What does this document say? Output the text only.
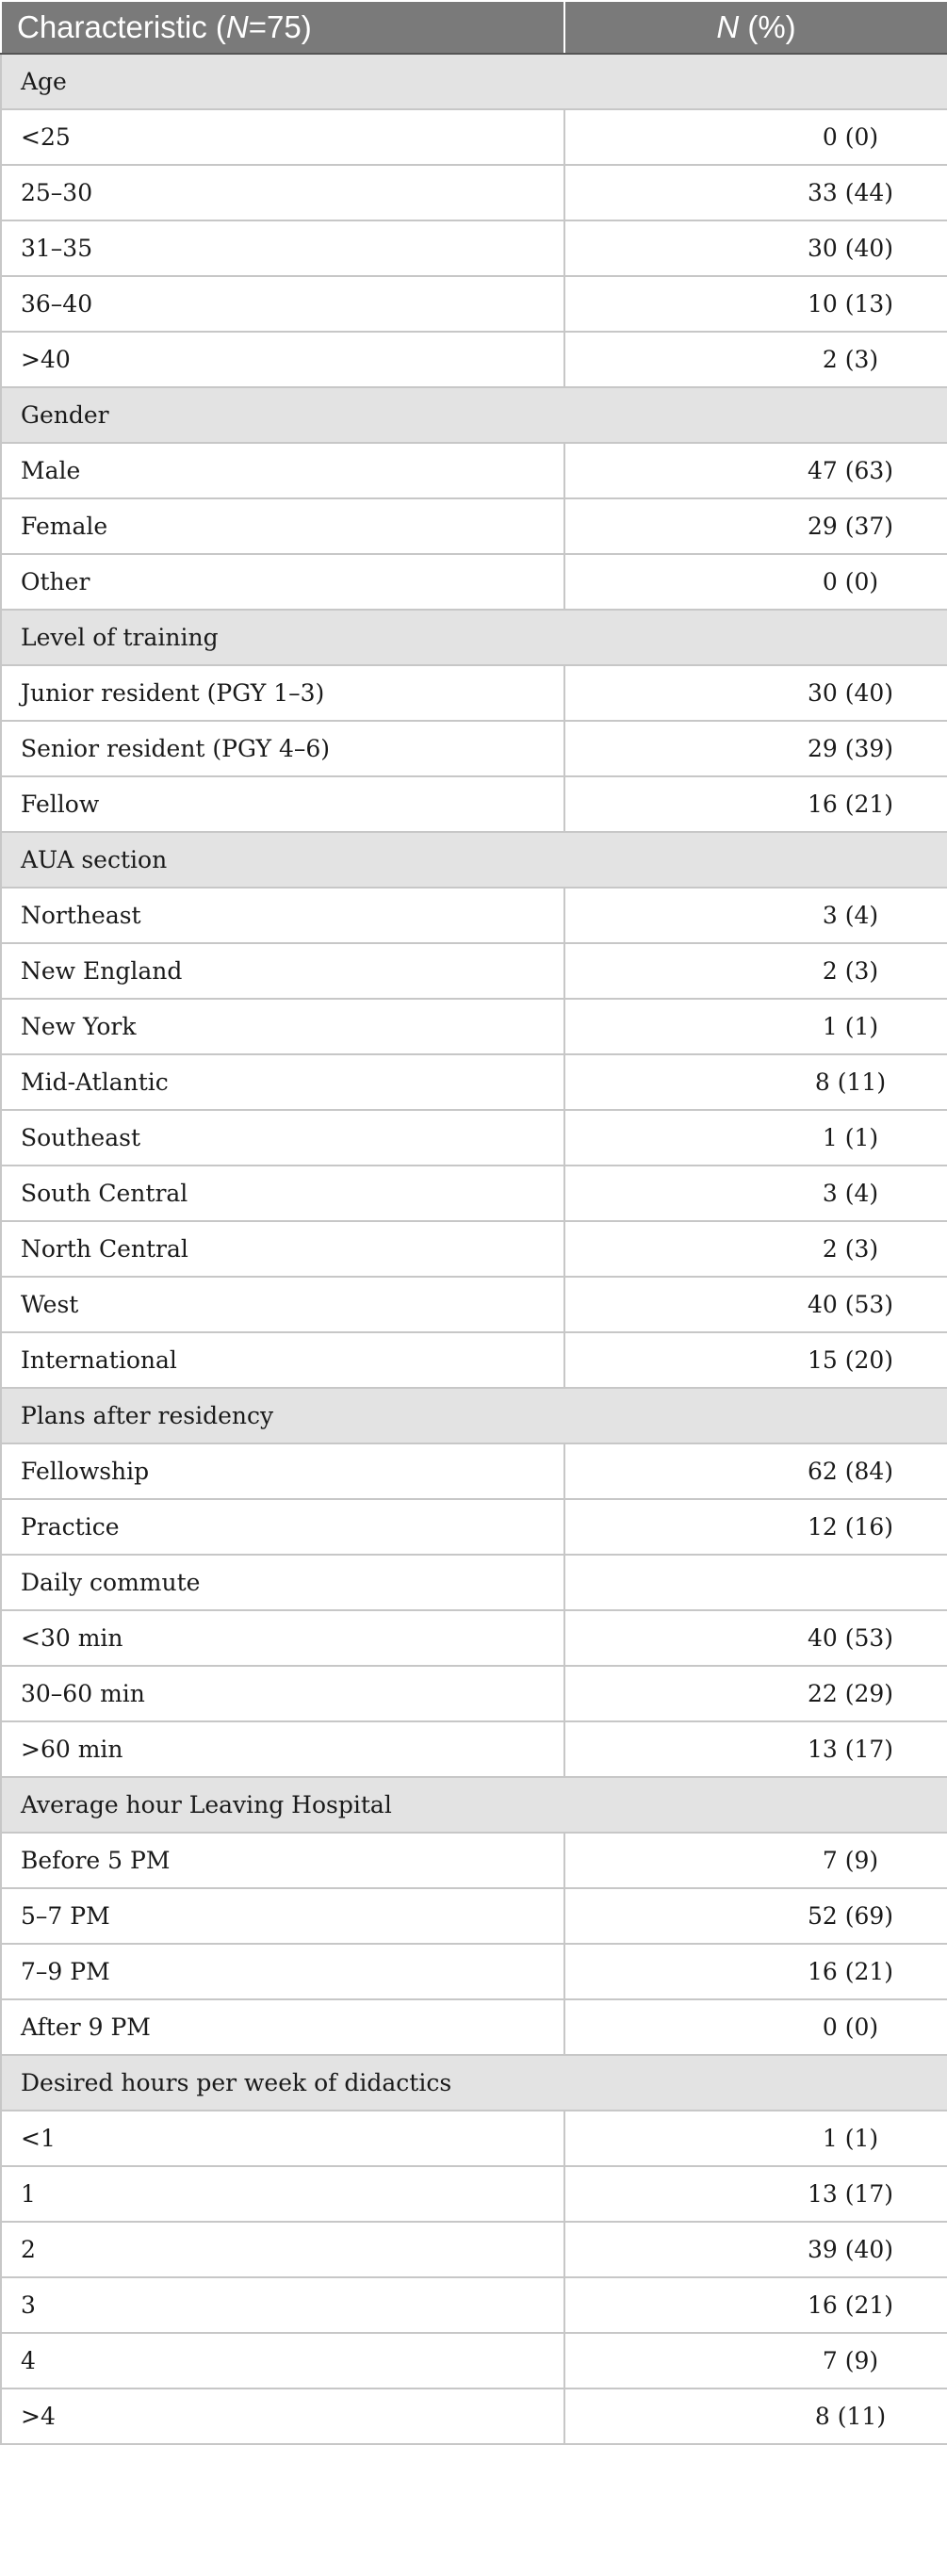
Characteristic (N=75)	N (%)
Age	
<25	0 (0)
25–30	33 (44)
31–35	30 (40)
36–40	10 (13)
>40	2 (3)
Gender	
Male	47 (63)
Female	29 (37)
Other	0 (0)
Level of training	
Junior resident (PGY 1–3)	30 (40)
Senior resident (PGY 4–6)	29 (39)
Fellow	16 (21)
AUA section	
Northeast	3 (4)
New England	2 (3)
New York	1 (1)
Mid-Atlantic	8 (11)
Southeast	1 (1)
South Central	3 (4)
North Central	2 (3)
West	40 (53)
International	15 (20)
Plans after residency	
Fellowship	62 (84)
Practice	12 (16)
Daily commute	
<30 min	40 (53)
30–60 min	22 (29)
>60 min	13 (17)
Average hour Leaving Hospital	
Before 5 PM	7 (9)
5–7 PM	52 (69)
7–9 PM	16 (21)
After 9 PM	0 (0)
Desired hours per week of didactics	
<1	1 (1)
1	13 (17)
2	39 (40)
3	16 (21)
4	7 (9)
>4	8 (11)
